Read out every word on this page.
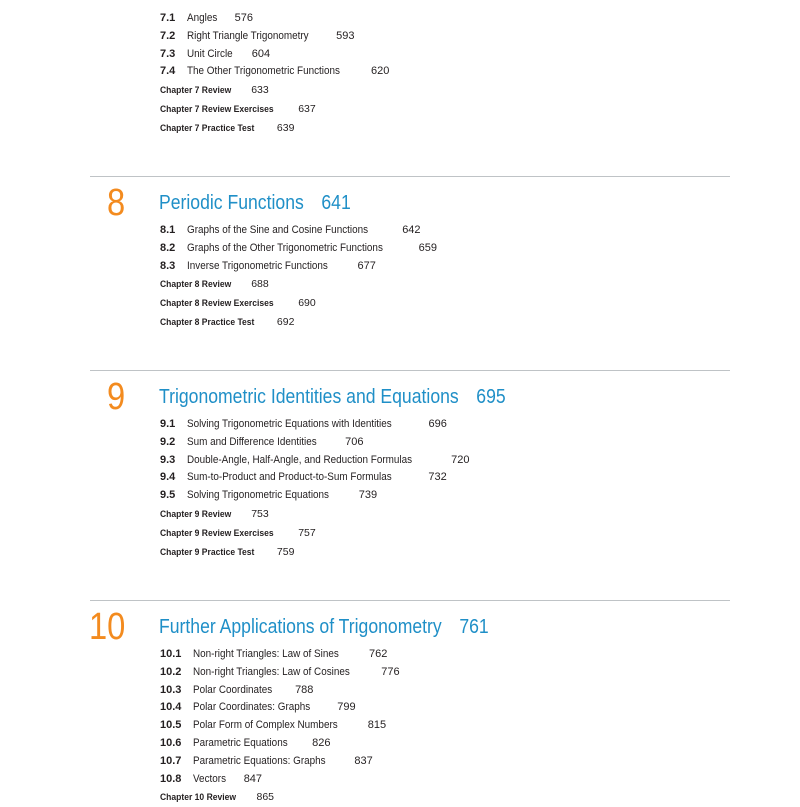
7.1 Angles 576
7.2 Right Triangle Trigonometry	593
7.3 Unit Circle 604
7.4 The Other Trigonometric Functions	620
Chapter 7 Review 633
Chapter 7 Review Exercises 637
Chapter 7 Practice Test 639
8 Periodic Functions 641
8.1 Graphs of the Sine and Cosine Functions	642
8.2 Graphs of the Other Trigonometric Functions	659
8.3 Inverse Trigonometric Functions	677
Chapter 8 Review 688
Chapter 8 Review Exercises 690
Chapter 8 Practice Test 692
9 Trigonometric Identities and Equations 695
9.1 Solving Trigonometric Equations with Identities	696
9.2 Sum and Difference Identities	706
9.3 Double-Angle, Half-Angle, and Reduction Formulas	720
9.4 Sum-to-Product and Product-to-Sum Formulas	732
9.5 Solving Trigonometric Equations	739
Chapter 9 Review 753
Chapter 9 Review Exercises 757
Chapter 9 Practice Test 759
10 Further Applications of Trigonometry 761
10.1 Non-right Triangles: Law of Sines	762
10.2 Non-right Triangles: Law of Cosines	776
10.3 Polar Coordinates 788
10.4 Polar Coordinates: Graphs 799
10.5 Polar Form of Complex Numbers	815
10.6 Parametric Equations 826
10.7 Parametric Equations: Graphs	837
10.8 Vectors 847
Chapter 10 Review 865
